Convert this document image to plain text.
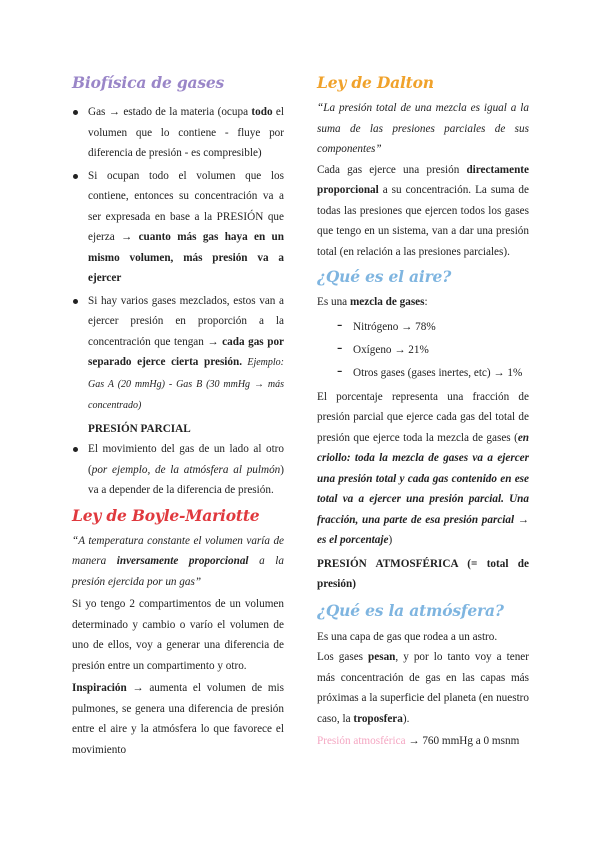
Biofísica de gases

Gas → estado de la materia (ocupa todo el volumen que lo contiene - fluye por diferencia de presión - es compresible)

Si ocupan todo el volumen que los contiene, entonces su concentración va a ser expresada en base a la PRESIÓN que ejerza → cuanto más gas haya en un mismo volumen, más presión va a ejercer

Si hay varios gases mezclados, estos van a ejercer presión en proporción a la concentración que tengan → cada gas por separado ejerce cierta presión. Ejemplo: Gas A (20 mmHg) - Gas B (30 mmHg → más concentrado)

PRESIÓN PARCIAL

El movimiento del gas de un lado al otro (por ejemplo, de la atmósfera al pulmón) va a depender de la diferencia de presión.

Ley de Boyle-Mariotte

“A temperatura constante el volumen varía de manera inversamente proporcional a la presión ejercida por un gas”

Si yo tengo 2 compartimentos de un volumen determinado y cambio o varío el volumen de uno de ellos, voy a generar una diferencia de presión entre un compartimento y otro.

Inspiración → aumenta el volumen de mis pulmones, se genera una diferencia de presión entre el aire y la atmósfera lo que favorece el movimiento

Ley de Dalton

“La presión total de una mezcla es igual a la suma de las presiones parciales de sus componentes”

Cada gas ejerce una presión directamente proporcional a su concentración. La suma de todas las presiones que ejercen todos los gases que tengo en un sistema, van a dar una presión total (en relación a las presiones parciales).

¿Qué es el aire?

Es una mezcla de gases:

- Nitrógeno → 78%

- Oxígeno → 21%

- Otros gases (gases inertes, etc) → 1%

El porcentaje representa una fracción de presión parcial que ejerce cada gas del total de presión que ejerce toda la mezcla de gases (en criollo: toda la mezcla de gases va a ejercer una presión total y cada gas contenido en ese total va a ejercer una presión parcial. Una fracción, una parte de esa presión parcial → es el porcentaje)

PRESIÓN ATMOSFÉRICA (= total de presión)

¿Qué es la atmósfera?

Es una capa de gas que rodea a un astro.

Los gases pesan, y por lo tanto voy a tener más concentración de gas en las capas más próximas a la superficie del planeta (en nuestro caso, la troposfera).

Presión atmosférica → 760 mmHg a 0 msnm
